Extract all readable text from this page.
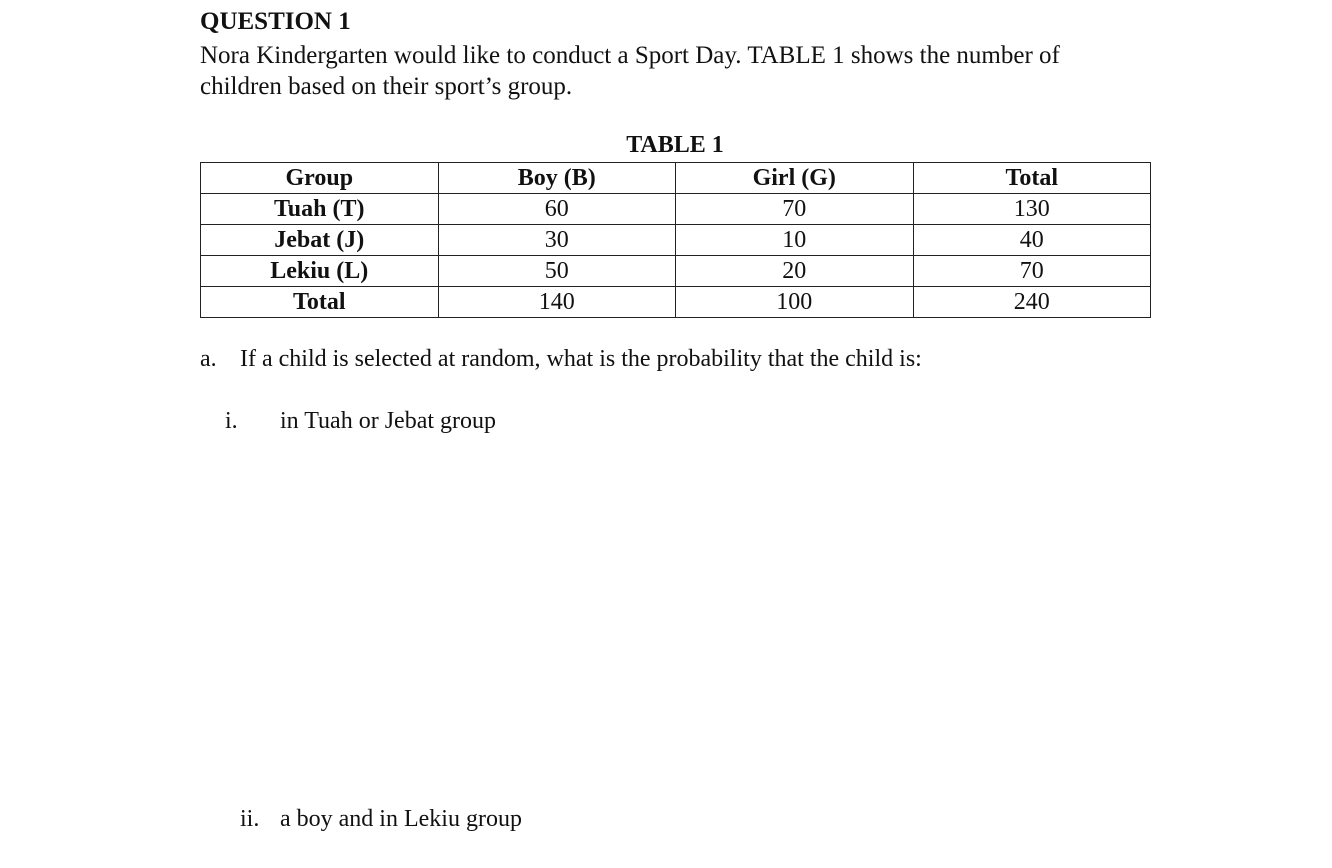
QUESTION 1
Nora Kindergarten would like to conduct a Sport Day. TABLE 1 shows the number of
children based on their sport’s group.
TABLE 1
Group	Boy (B)	Girl (G)	Total
Tuah (T)	60	70	130
Jebat (J)	30	10	40
Lekiu (L)	50	20	70
Total	140	100	240
a. If a child is selected at random, what is the probability that the child is:
i. in Tuah or Jebat group
ii. a boy and in Lekiu group
